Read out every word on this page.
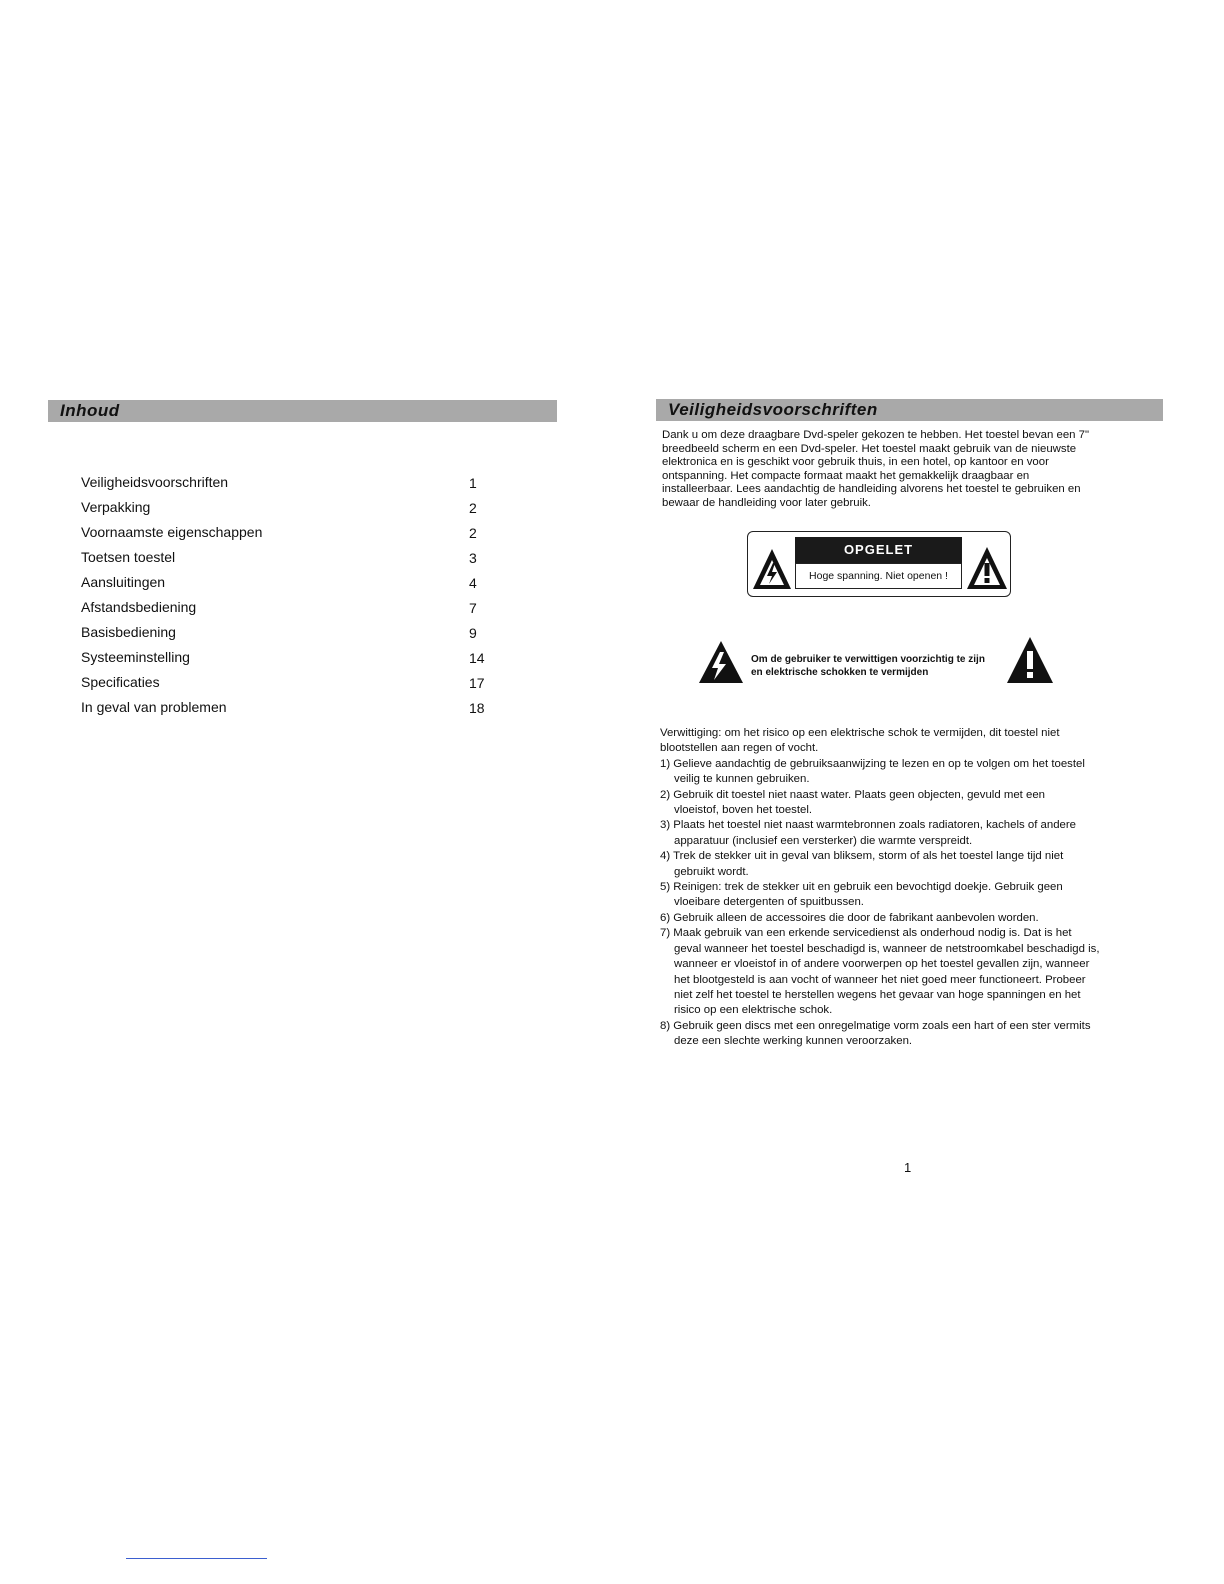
Inhoud
Veiligheidsvoorschriften	1
Verpakking	2
Voornaamste eigenschappen	2
Toetsen toestel	3
Aansluitingen	4
Afstandsbediening	7
Basisbediening	9
Systeeminstelling	14
Specificaties	17
In geval van problemen	18
Veiligheidsvoorschriften
Dank u om deze draagbare Dvd-speler gekozen te hebben. Het toestel bevan een 7"
breedbeeld scherm en een Dvd-speler. Het toestel maakt gebruik van de nieuwste
elektronica en is geschikt voor gebruik thuis, in een hotel, op kantoor en voor
ontspanning. Het compacte formaat maakt het gemakkelijk draagbaar en
installeerbaar. Lees aandachtig de handleiding alvorens het toestel te gebruiken en
bewaar de handleiding voor later gebruik.
OPGELET
Hoge spanning. Niet openen !
Om de gebruiker te verwittigen voorzichtig te zijn
en elektrische schokken te vermijden
Verwittiging: om het risico op een elektrische schok te vermijden, dit toestel niet
blootstellen aan regen of vocht.
1) Gelieve aandachtig de gebruiksaanwijzing te lezen en op te volgen om het toestel
veilig te kunnen gebruiken.
2) Gebruik dit toestel niet naast water. Plaats geen objecten, gevuld met een
vloeistof, boven het toestel.
3) Plaats het toestel niet naast warmtebronnen zoals radiatoren, kachels of andere
apparatuur (inclusief een versterker) die warmte verspreidt.
4) Trek de stekker uit in geval van bliksem, storm of als het toestel lange tijd niet
gebruikt wordt.
5) Reinigen: trek de stekker uit en gebruik een bevochtigd doekje. Gebruik geen
vloeibare detergenten of spuitbussen.
6) Gebruik alleen de accessoires die door de fabrikant aanbevolen worden.
7) Maak gebruik van een erkende servicedienst als onderhoud nodig is. Dat is het
geval wanneer het toestel beschadigd is, wanneer de netstroomkabel beschadigd is,
wanneer er vloeistof in of andere voorwerpen op het toestel gevallen zijn, wanneer
het blootgesteld is aan vocht of wanneer het niet goed meer functioneert. Probeer
niet zelf het toestel te herstellen wegens het gevaar van hoge spanningen en het
risico op een elektrische schok.
8) Gebruik geen discs met een onregelmatige vorm zoals een hart of een ster vermits
deze een slechte werking kunnen veroorzaken.
1
